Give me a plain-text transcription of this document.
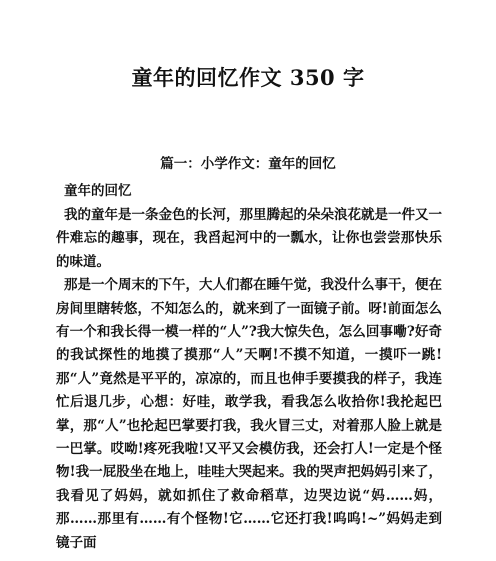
童年的回忆作文 350 字
篇一：小学作文：童年的回忆
童年的回忆

我的童年是一条金色的长河，那里腾起的朵朵浪花就是一件又一件难忘的趣事，现在，我舀起河中的一瓢水，让你也尝尝那快乐的味道。

那是一个周末的下午，大人们都在睡午觉，我没什么事干，便在房间里瞎转悠，不知怎么的，就来到了一面镜子前。呀!前面怎么有一个和我长得一模一样的“人”?我大惊失色，怎么回事嘞?好奇的我试探性的地摸了摸那“人”天啊!不摸不知道，一摸吓一跳!那“人”竟然是平平的，凉凉的，而且也伸手要摸我的样子，我连忙后退几步，心想：好哇，敢学我，看我怎么收拾你!我抡起巴掌，那“人”也抡起巴掌要打我，我火冒三丈，对着那人脸上就是一巴掌。哎呦!疼死我啦!又平又会模仿我，还会打人!一定是个怪物!我一屁股坐在地上，哇哇大哭起来。我的哭声把妈妈引来了，我看见了妈妈，就如抓住了救命稻草，边哭边说“妈……妈，那……那里有……有个怪物!它……它还打我!呜呜!~”妈妈走到镜子面
